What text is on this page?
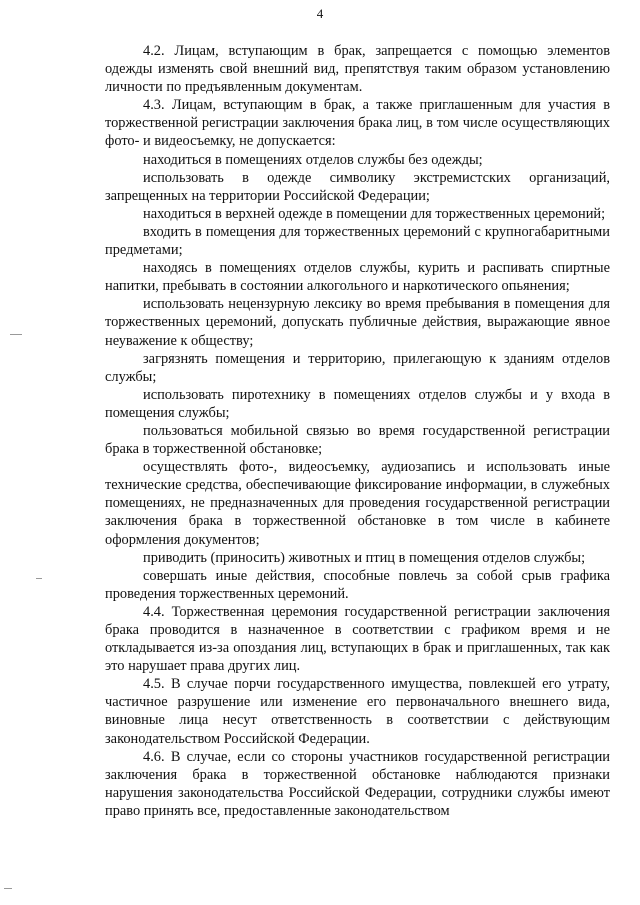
4

4.2. Лицам, вступающим в брак, запрещается с помощью элементов одежды изменять свой внешний вид, препятствуя таким образом установлению личности по предъявленным документам.

4.3. Лицам, вступающим в брак, а также приглашенным для участия в торжественной регистрации заключения брака лиц, в том числе осуществляющих фото- и видеосъемку, не допускается:

находиться в помещениях отделов службы без одежды;

использовать в одежде символику экстремистских организаций, запрещенных на территории Российской Федерации;

находиться в верхней одежде в помещении для торжественных церемоний;

входить в помещения для торжественных церемоний с крупногабаритными предметами;

находясь в помещениях отделов службы, курить и распивать спиртные напитки, пребывать в состоянии алкогольного и наркотического опьянения;

использовать нецензурную лексику во время пребывания в помещения для торжественных церемоний, допускать публичные действия, выражающие явное неуважение к обществу;

загрязнять помещения и территорию, прилегающую к зданиям отделов службы;

использовать пиротехнику в помещениях отделов службы и у входа в помещения службы;

пользоваться мобильной связью во время государственной регистрации брака в торжественной обстановке;

осуществлять фото-, видеосъемку, аудиозапись и использовать иные технические средства, обеспечивающие фиксирование информации, в служебных помещениях, не предназначенных для проведения государственной регистрации заключения брака в торжественной обстановке в том числе в кабинете оформления документов;

приводить (приносить) животных и птиц в помещения отделов службы;

совершать иные действия, способные повлечь за собой срыв графика проведения торжественных церемоний.

4.4. Торжественная церемония государственной регистрации заключения брака проводится в назначенное в соответствии с графиком время и не откладывается из-за опоздания лиц, вступающих в брак и приглашенных, так как это нарушает права других лиц.

4.5. В случае порчи государственного имущества, повлекшей его утрату, частичное разрушение или изменение его первоначального внешнего вида, виновные лица несут ответственность в соответствии с действующим законодательством Российской Федерации.

4.6. В случае, если со стороны участников государственной регистрации заключения брака в торжественной обстановке наблюдаются признаки нарушения законодательства Российской Федерации, сотрудники службы имеют право принять все, предоставленные законодательством
